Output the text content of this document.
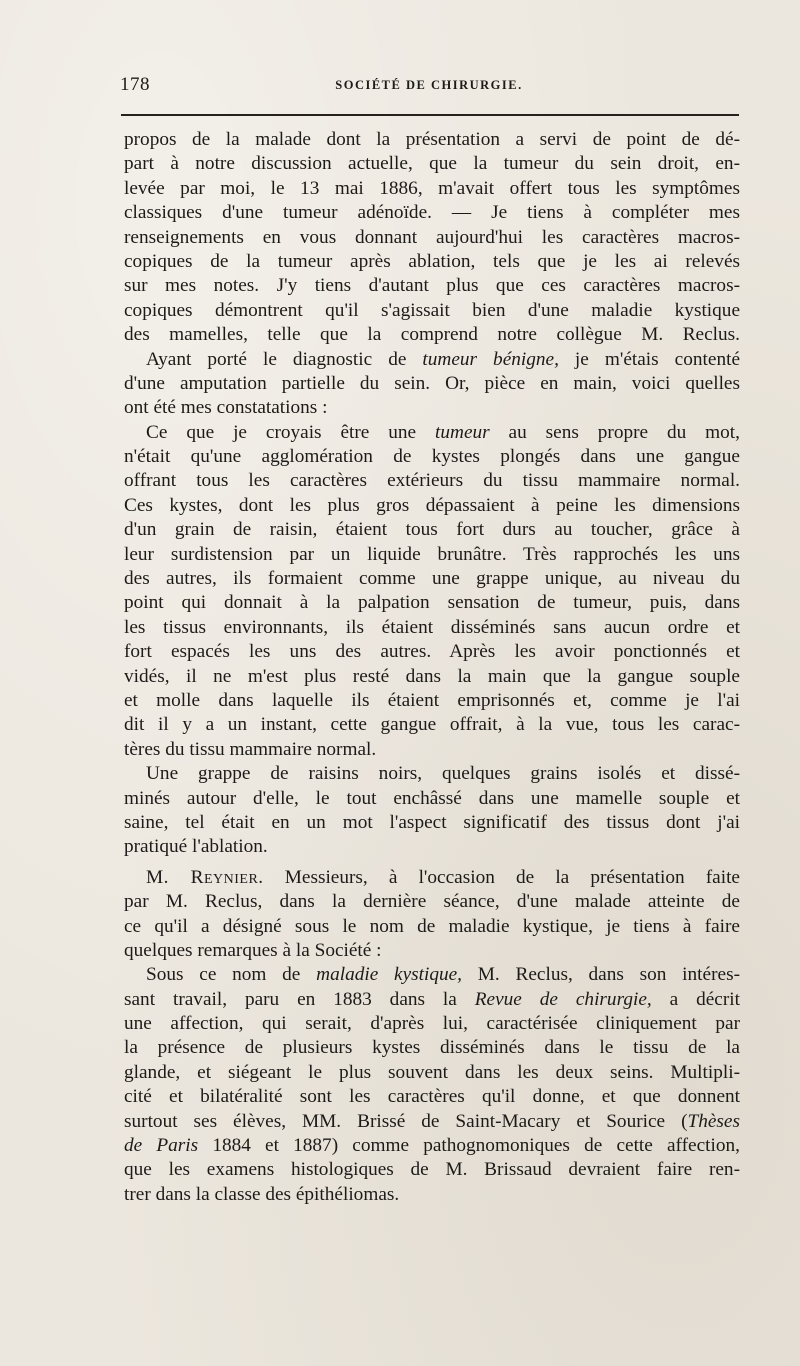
178	SOCIÉTÉ DE CHIRURGIE.
propos de la malade dont la présentation a servi de point de dé-
part à notre discussion actuelle, que la tumeur du sein droit, en-
levée par moi, le 13 mai 1886, m'avait offert tous les symptômes
classiques d'une tumeur adénoïde. — Je tiens à compléter mes
renseignements en vous donnant aujourd'hui les caractères macros-
copiques de la tumeur après ablation, tels que je les ai relevés
sur mes notes. J'y tiens d'autant plus que ces caractères macros-
copiques démontrent qu'il s'agissait bien d'une maladie kystique
des mamelles, telle que la comprend notre collègue M. Reclus.
Ayant porté le diagnostic de tumeur bénigne, je m'étais contenté
d'une amputation partielle du sein. Or, pièce en main, voici quelles
ont été mes constatations :
Ce que je croyais être une tumeur au sens propre du mot,
n'était qu'une agglomération de kystes plongés dans une gangue
offrant tous les caractères extérieurs du tissu mammaire normal.
Ces kystes, dont les plus gros dépassaient à peine les dimensions
d'un grain de raisin, étaient tous fort durs au toucher, grâce à
leur surdistension par un liquide brunâtre. Très rapprochés les uns
des autres, ils formaient comme une grappe unique, au niveau du
point qui donnait à la palpation sensation de tumeur, puis, dans
les tissus environnants, ils étaient disséminés sans aucun ordre et
fort espacés les uns des autres. Après les avoir ponctionnés et
vidés, il ne m'est plus resté dans la main que la gangue souple
et molle dans laquelle ils étaient emprisonnés et, comme je l'ai
dit il y a un instant, cette gangue offrait, à la vue, tous les carac-
tères du tissu mammaire normal.
Une grappe de raisins noirs, quelques grains isolés et dissé-
minés autour d'elle, le tout enchâssé dans une mamelle souple et
saine, tel était en un mot l'aspect significatif des tissus dont j'ai
pratiqué l'ablation.
M. Reynier. Messieurs, à l'occasion de la présentation faite
par M. Reclus, dans la dernière séance, d'une malade atteinte de
ce qu'il a désigné sous le nom de maladie kystique, je tiens à faire
quelques remarques à la Société :
Sous ce nom de maladie kystique, M. Reclus, dans son intéres-
sant travail, paru en 1883 dans la Revue de chirurgie, a décrit
une affection, qui serait, d'après lui, caractérisée cliniquement par
la présence de plusieurs kystes disséminés dans le tissu de la
glande, et siégeant le plus souvent dans les deux seins. Multipli-
cité et bilatéralité sont les caractères qu'il donne, et que donnent
surtout ses élèves, MM. Brissé de Saint-Macary et Sourice (Thèses
de Paris 1884 et 1887) comme pathognomoniques de cette affection,
que les examens histologiques de M. Brissaud devraient faire ren-
trer dans la classe des épithéliomas.
